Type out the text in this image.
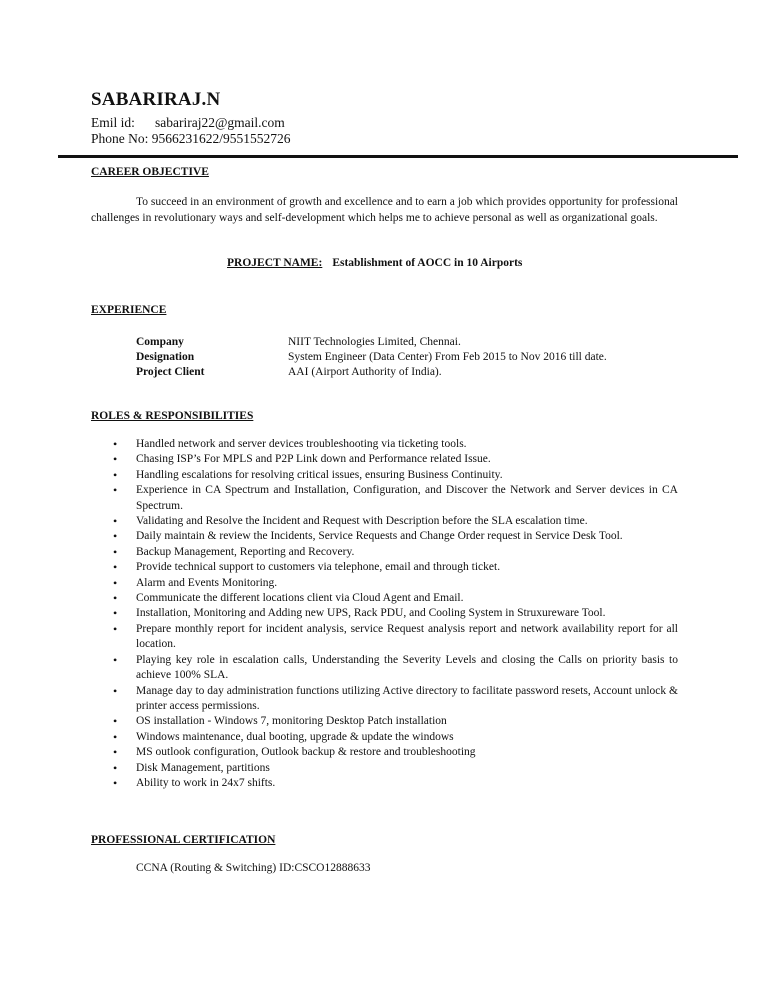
SABARIRAJ.N
Emil id: sabariraj22@gmail.com
Phone No: 9566231622/9551552726
CAREER OBJECTIVE
To succeed in an environment of growth and excellence and to earn a job which provides opportunity for professional challenges in revolutionary ways and self-development which helps me to achieve personal as well as organizational goals.
PROJECT NAME: Establishment of AOCC in 10 Airports
EXPERIENCE
Company	NIIT Technologies Limited, Chennai.
Designation	System Engineer (Data Center) From Feb 2015 to Nov 2016 till date.
Project Client	AAI (Airport Authority of India).
ROLES & RESPONSIBILITIES
• Handled network and server devices troubleshooting via ticketing tools.
• Chasing ISP’s For MPLS and P2P Link down and Performance related Issue.
• Handling escalations for resolving critical issues, ensuring Business Continuity.
• Experience in CA Spectrum and Installation, Configuration, and Discover the Network and Server devices in CA Spectrum.
• Validating and Resolve the Incident and Request with Description before the SLA escalation time.
• Daily maintain & review the Incidents, Service Requests and Change Order request in Service Desk Tool.
• Backup Management, Reporting and Recovery.
• Provide technical support to customers via telephone, email and through ticket.
• Alarm and Events Monitoring.
• Communicate the different locations client via Cloud Agent and Email.
• Installation, Monitoring and Adding new UPS, Rack PDU, and Cooling System in Struxureware Tool.
• Prepare monthly report for incident analysis, service Request analysis report and network availability report for all location.
• Playing key role in escalation calls, Understanding the Severity Levels and closing the Calls on priority basis to achieve 100% SLA.
• Manage day to day administration functions utilizing Active directory to facilitate password resets, Account unlock & printer access permissions.
• OS installation - Windows 7, monitoring Desktop Patch installation
• Windows maintenance, dual booting, upgrade & update the windows
• MS outlook configuration, Outlook backup & restore and troubleshooting
• Disk Management, partitions
• Ability to work in 24x7 shifts.
PROFESSIONAL CERTIFICATION
CCNA (Routing & Switching) ID:CSCO12888633
